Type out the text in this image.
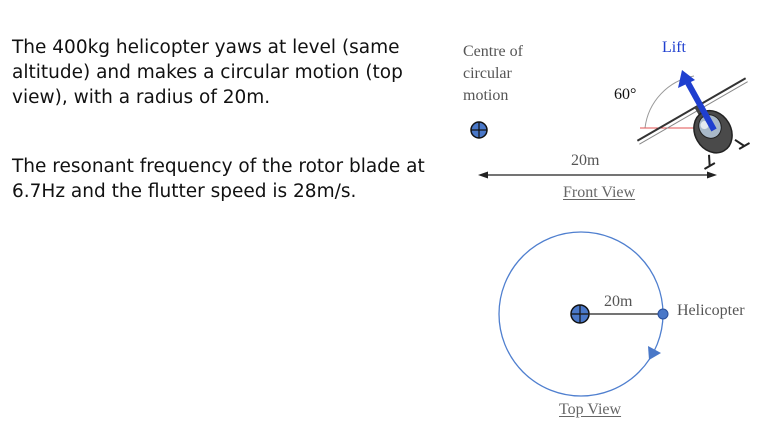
The 400kg helicopter yaws at level (same altitude) and makes a circular motion (top view), with a radius of 20m.

The resonant frequency of the rotor blade at 6.7Hz and the flutter speed is 28m/s.

Centre of
circular
motion
Lift
60°
20m
Front View
20m
Helicopter
Top View
